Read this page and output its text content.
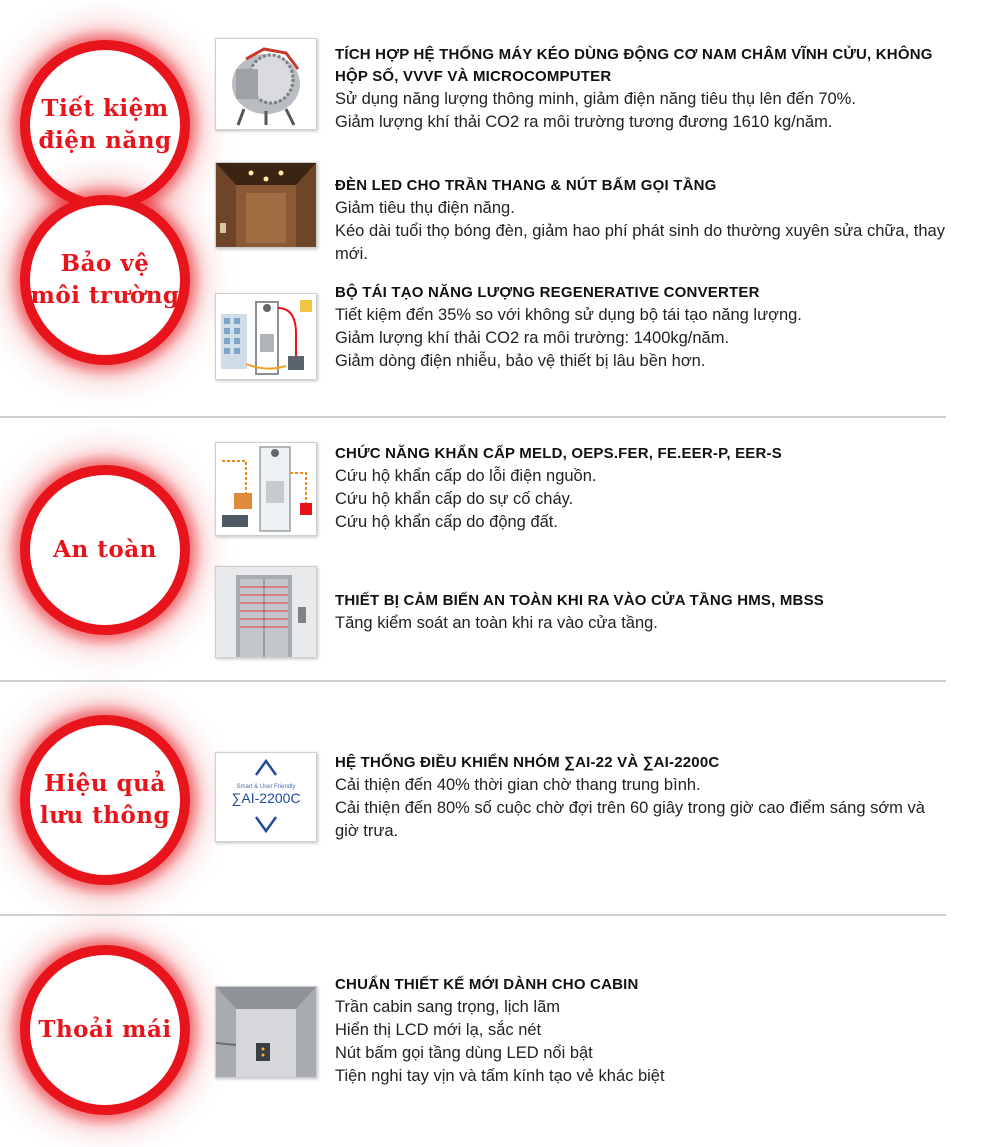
Tiết kiệm
điện năng
Bảo vệ
môi trường
An toàn
Hiệu quả
lưu thông
Thoải mái
Smart & User Friendly
∑AI-2200C
TÍCH HỢP HỆ THỐNG MÁY KÉO DÙNG ĐỘNG CƠ NAM CHÂM VĨNH CỬU, KHÔNG HỘP SỐ, VVVF VÀ MICROCOMPUTER
Sử dụng năng lượng thông minh, giảm điện năng tiêu thụ lên đến 70%.
Giảm lượng khí thải CO2 ra môi trường tương đương 1610 kg/năm.
ĐÈN LED CHO TRẦN THANG & NÚT BẤM GỌI TẦNG
Giảm tiêu thụ điện năng.
Kéo dài tuổi thọ bóng đèn, giảm hao phí phát sinh do thường xuyên sửa chữa, thay mới.
BỘ TÁI TẠO NĂNG LƯỢNG REGENERATIVE CONVERTER
Tiết kiệm đến 35% so với không sử dụng bộ tái tạo năng lượng.
Giảm lượng khí thải CO2 ra môi trường: 1400kg/năm.
Giảm dòng điện nhiễu, bảo vệ thiết bị lâu bền hơn.
CHỨC NĂNG KHẨN CẤP MELD, OEPS.FER, FE.EER-P, EER-S
Cứu hộ khẩn cấp do lỗi điện nguồn.
Cứu hộ khẩn cấp do sự cố cháy.
Cứu hộ khẩn cấp do động đất.
THIẾT BỊ CẢM BIẾN AN TOÀN KHI RA VÀO CỬA TẦNG HMS, MBSS
Tăng kiểm soát an toàn khi ra vào cửa tầng.
HỆ THỐNG ĐIỀU KHIỂN NHÓM ∑AI-22 VÀ ∑AI-2200C
Cải thiện đến 40% thời gian chờ thang trung bình.
Cải thiện đến 80% số cuộc chờ đợi trên 60 giây trong giờ cao điểm sáng sớm và giờ trưa.
CHUẨN THIẾT KẾ MỚI DÀNH CHO CABIN
Trần cabin sang trọng, lịch lãm
Hiển thị LCD mới lạ, sắc nét
Nút bấm gọi tầng dùng LED nổi bật
Tiện nghi tay vịn và tấm kính tạo vẻ khác biệt
